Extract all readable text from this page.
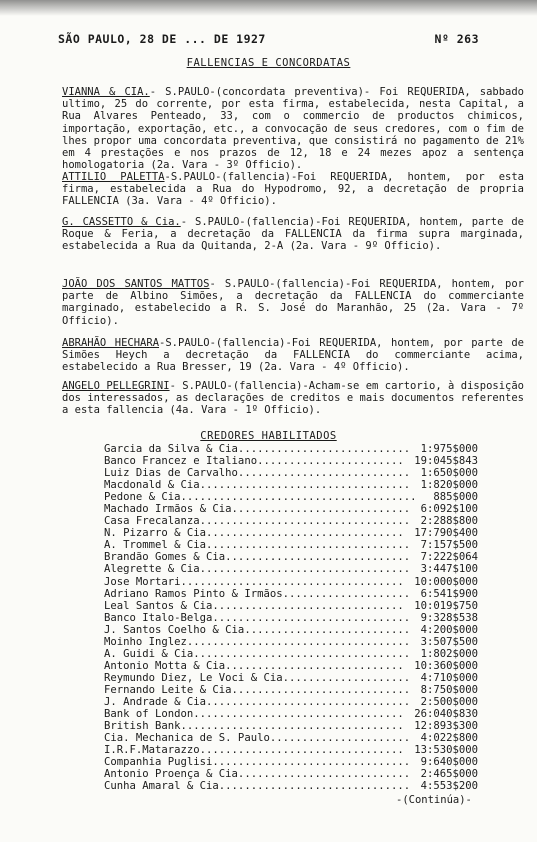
SÃO PAULO, 28 DE ... DE 1927	Nº 263
FALLENCIAS E CONCORDATAS

VIANNA & CIA.- S.PAULO-(concordata preventiva)- Foi REQUERIDA, sabbado ultimo, 25 do corrente, por esta firma, estabelecida, nesta Capital, a Rua Alvares Penteado, 33, com o commercio de productos chimicos, importação, exportação, etc., a convocação de seus credores, com o fim de lhes propor uma concordata preventiva, que consistirá no pagamento de 21% em 4 prestações e nos prazos de 12, 18 e 24 mezes apoz a sentença homologatoria (2a. Vara - 3º Officio).

ATTILIO PALETTA-S.PAULO-(fallencia)-Foi REQUERIDA, hontem, por esta firma, estabelecida a Rua do Hypodromo, 92, a decretação de propria FALLENCIA (3a. Vara - 4º Officio).

G. CASSETTO & Cia.- S.PAULO-(fallencia)-Foi REQUERIDA, hontem, parte de Roque & Feria, a decretação da FALLENCIA da firma supra marginada, estabelecida a Rua da Quitanda, 2-A (2a. Vara - 9º Officio).

JOÃO DOS SANTOS MATTOS- S.PAULO-(fallencia)-Foi REQUERIDA, hontem, por parte de Albino Simões, a decretação da FALLENCIA do commerciante marginado, estabelecido a R. S. José do Maranhão, 25 (2a. Vara - 7º Officio).

ABRAHÃO HECHARA-S.PAULO-(fallencia)-Foi REQUERIDA, hontem, por parte de Simões Heych a decretação da FALLENCIA do commerciante acima, estabelecido a Rua Bresser, 19 (2a. Vara - 4º Officio).

ANGELO PELLEGRINI- S.PAULO-(fallencia)-Acham-se em cartorio, à disposição dos interessados, as declarações de creditos e mais documentos referentes a esta fallencia (4a. Vara - 1º Officio).

CREDORES HABILITADOS
Garcia da Silva & Cia........................... 1:975$000
Banco Francez e Italiano....................... 19:045$843
Luiz Dias de Carvalho........................... 1:650$000
Macdonald & Cia................................. 1:820$000
Pedone & Cia..................................... 885$000
Machado Irmãos & Cia............................ 6:092$100
Casa Frecalanza................................. 2:288$800
N. Pizarro & Cia............................... 17:790$400
A. Trommel & Cia................................ 7:157$500
Brandão Gomes & Cia............................. 7:222$064
Alegrette & Cia................................. 3:447$100
Jose Mortari................................... 10:000$000
Adriano Ramos Pinto & Irmãos.................... 6:541$900
Leal Santos & Cia.............................. 10:019$750
Banco Italo-Belga............................... 9:328$538
J. Santos Coelho & Cia.......................... 4:200$000
Moinho Inglez................................... 3:507$500
A. Guidi & Cia.................................. 1:802$000
Antonio Motta & Cia............................ 10:360$000
Reymundo Diez, Le Voci & Cia.................... 4:710$000
Fernando Leite & Cia............................ 8:750$000
J. Andrade & Cia................................ 2:500$000
Bank of London................................. 26:040$830
British Bank................................... 12:893$300
Cia. Mechanica de S. Paulo...................... 4:022$800
I.R.F.Matarazzo................................ 13:530$000
Companhia Puglisi............................... 9:640$000
Antonio Proença & Cia........................... 2:465$000
Cunha Amaral & Cia.............................. 4:553$200
-(Continúa)-
